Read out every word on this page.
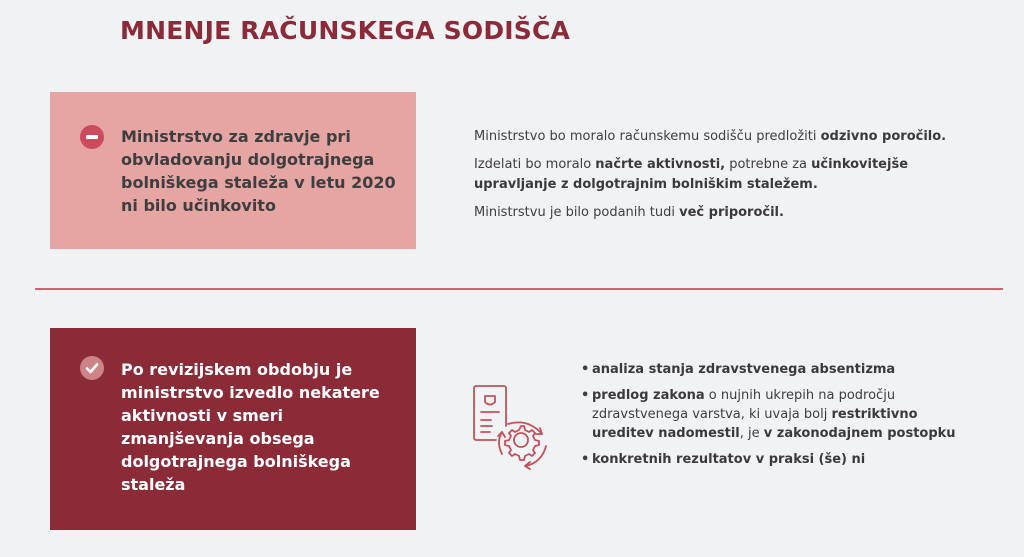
MNENJE RAČUNSKEGA SODIŠČA
Ministrstvo za zdravje pri obvladovanju dolgotrajnega bolniškega staleža v letu 2020 ni bilo učinkovito

Ministrstvo bo moralo računskemu sodišču predložiti odzivno poročilo.

Izdelati bo moralo načrte aktivnosti, potrebne za učinkovitejše upravljanje z dolgotrajnim bolniškim staležem.

Ministrstvu je bilo podanih tudi več priporočil.

Po revizijskem obdobju je ministrstvo izvedlo nekatere aktivnosti v smeri zmanjševanja obsega dolgotrajnega bolniškega staleža
• analiza stanja zdravstvenega absentizma
• predlog zakona o nujnih ukrepih na področju zdravstvenega varstva, ki uvaja bolj restriktivno ureditev nadomestil, je v zakonodajnem postopku
• konkretnih rezultatov v praksi (še) ni
